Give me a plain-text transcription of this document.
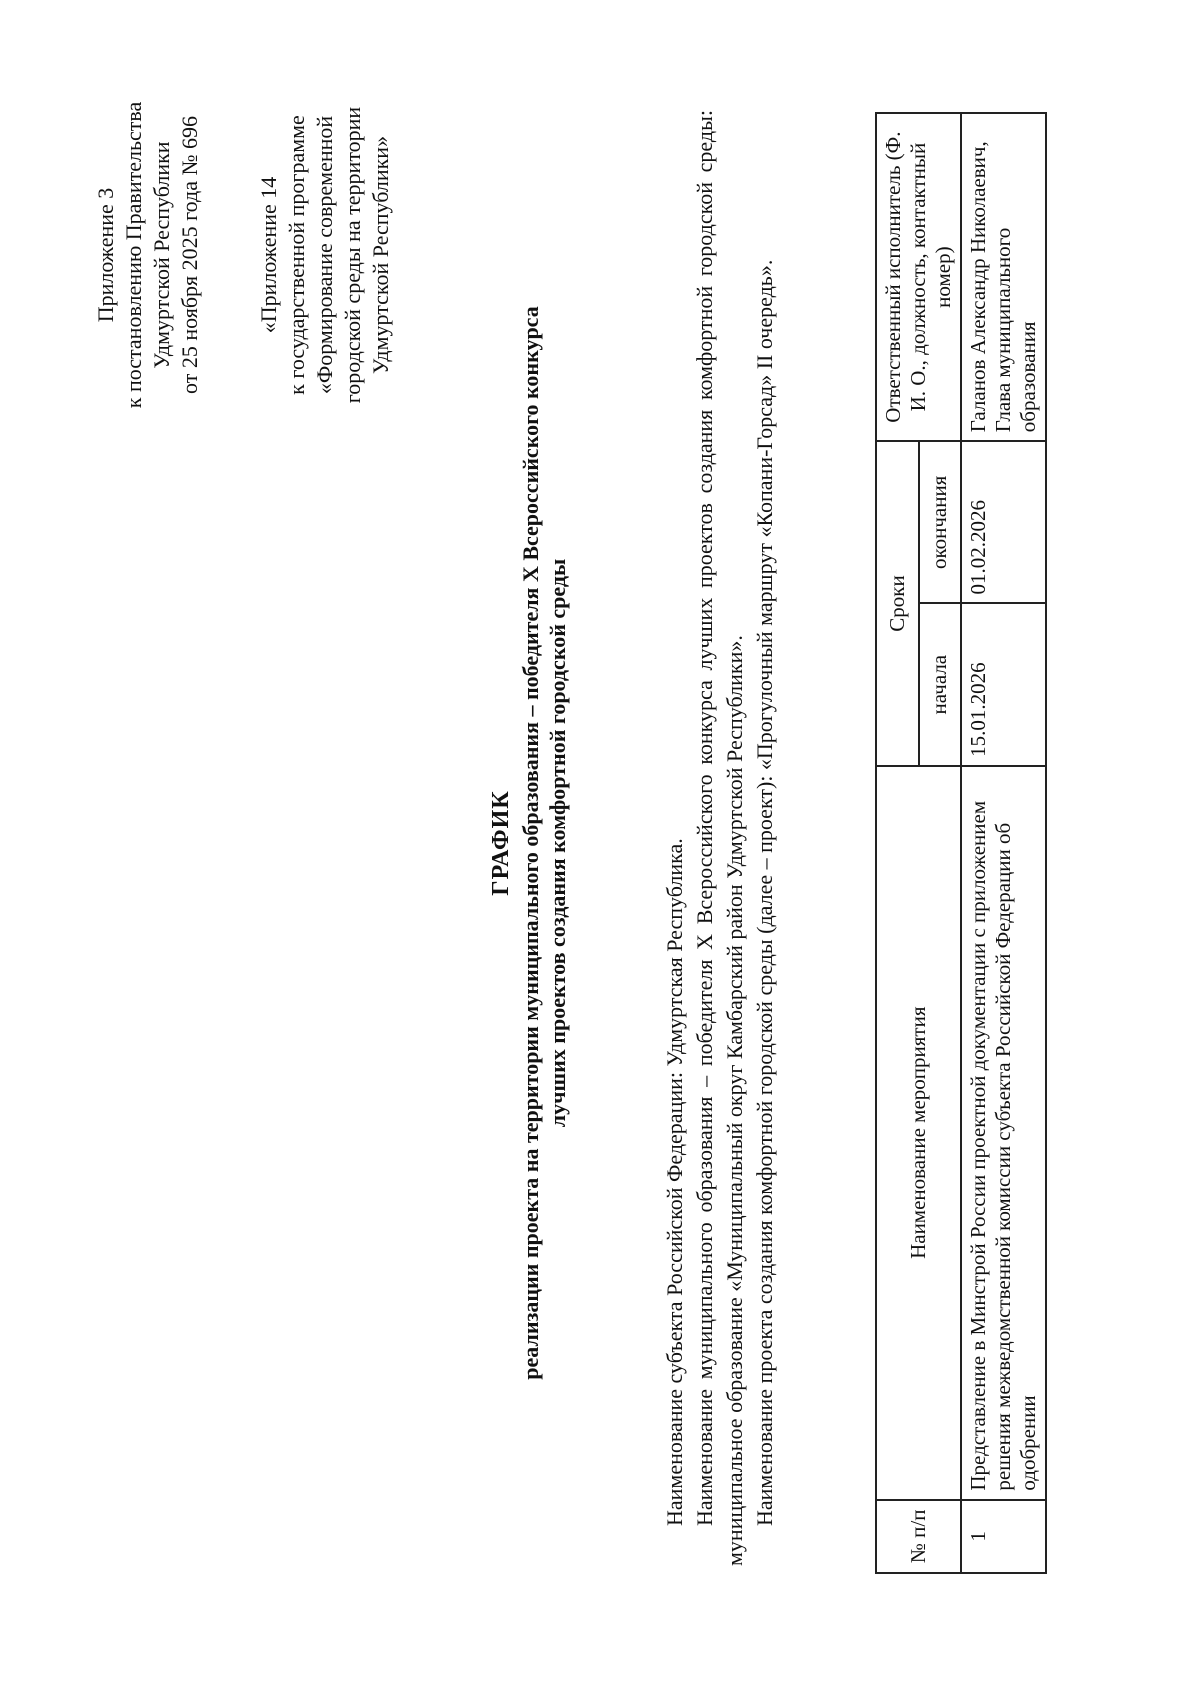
Приложение 3 к постановлению Правительства Удмуртской Республики от 25 ноября 2025 года № 696 «Приложение 14 к государственной программе «Формирование современной городской среды на территории Удмуртской Республики»
ГРАФИК реализации проекта на территории муниципального образования – победителя X Всероссийского конкурса лучших проектов создания комфортной городской среды	Наименование субъекта Российской Федерации: Удмуртская Республика. Наименование муниципального образования – победителя X Всероссийского конкурса лучших проектов создания комфортной городской среды: муниципальное образование «Муниципальный округ Камбарский район Удмуртской Республики». Наименование проекта создания комфортной городской среды (далее – проект): «Прогулочный маршрут «Копани-Горсад» II очередь».

№ п/п	Наименование мероприятия	Сроки		Ответственный исполнитель (Ф. И. О., должность, контактный номер)
		начала	окончания	
1	Представление в Минстрой России проектной документации с приложением решения межведомственной комиссии субъекта Российской Федерации об одобрении	15.01.2026	01.02.2026	Галанов Александр Николаевич, Глава муниципального образования
